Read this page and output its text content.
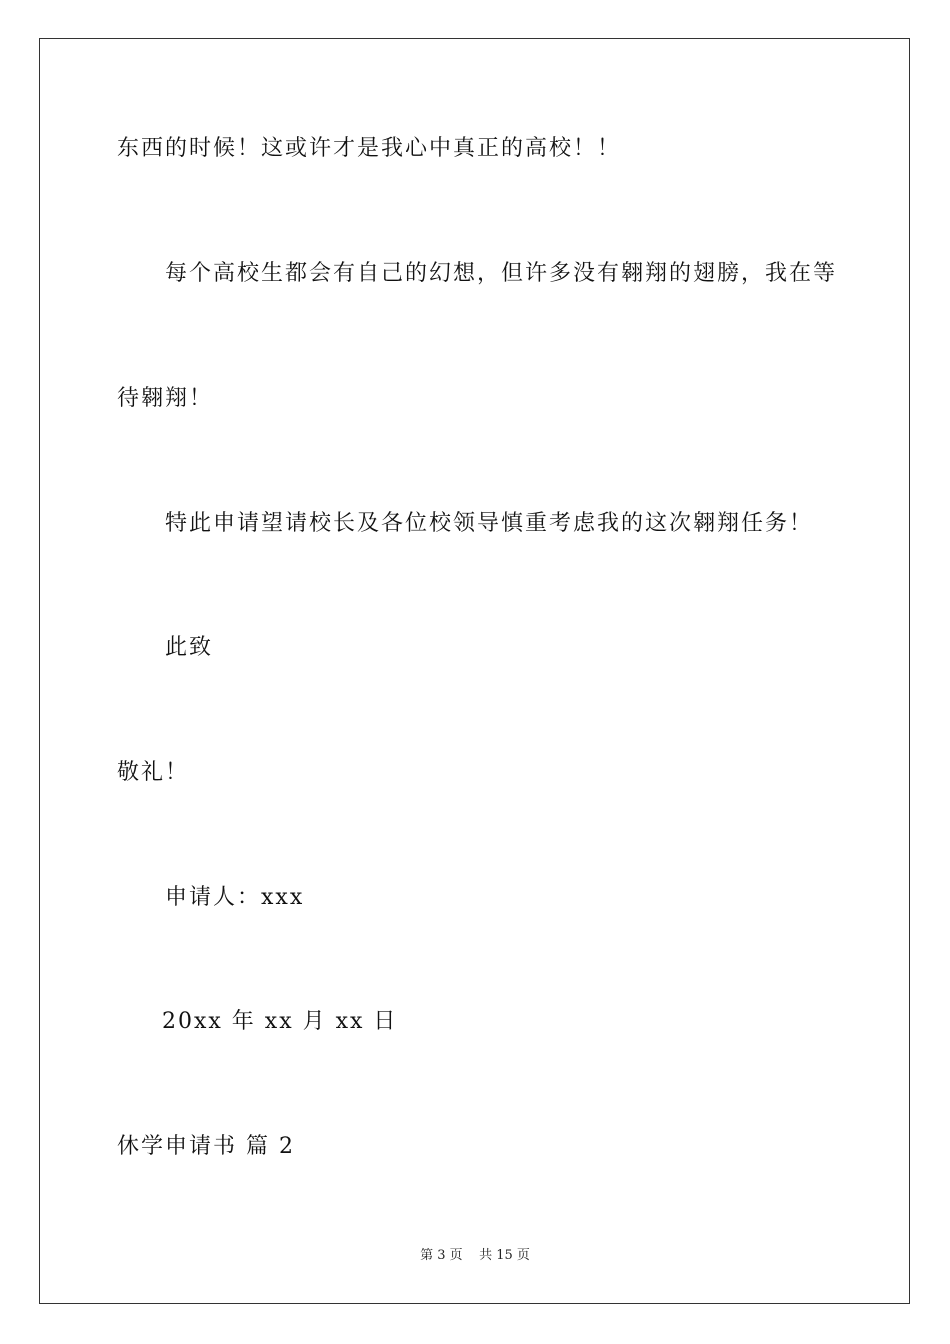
东西的时候！这或许才是我心中真正的高校！！
每个高校生都会有自己的幻想，但许多没有翱翔的翅膀，我在等
待翱翔！
特此申请望请校长及各位校领导慎重考虑我的这次翱翔任务！
此致
敬礼！
申请人：xxx
20xx 年 xx 月 xx 日
休学申请书 篇 2
第 3 页    共 15 页
